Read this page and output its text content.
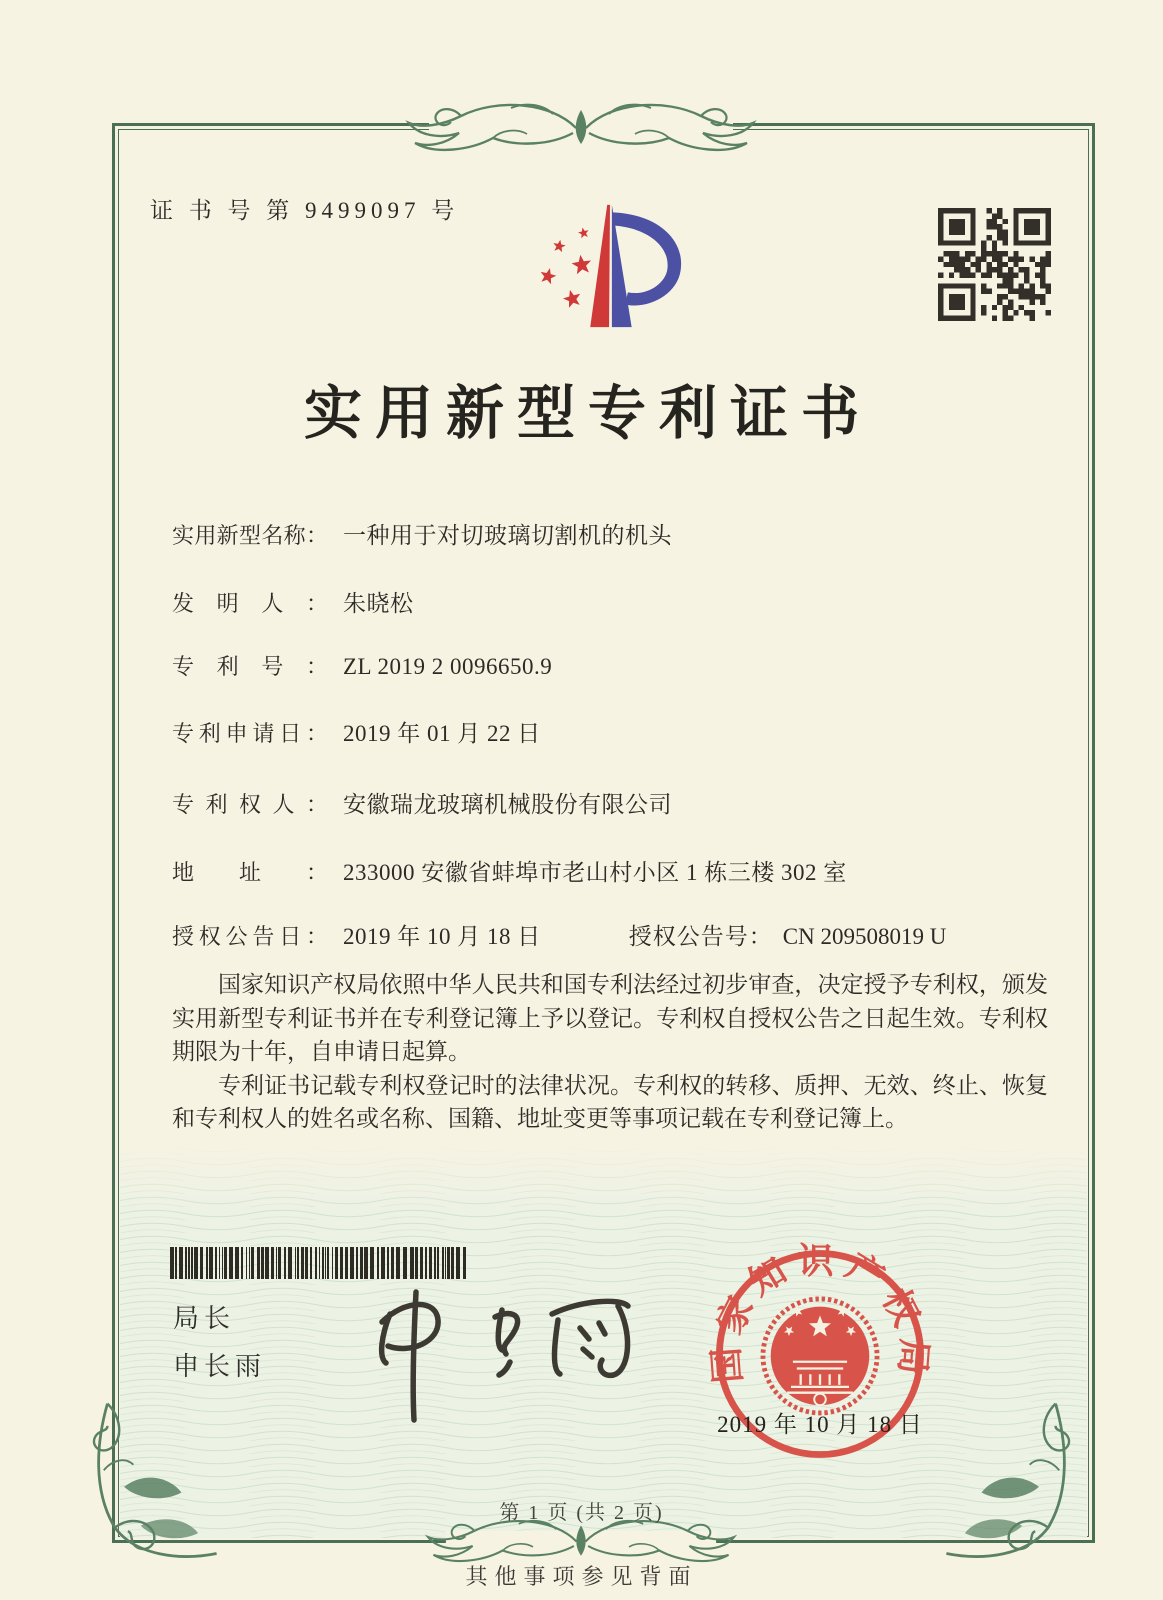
证 书 号 第 9499097 号
实用新型专利证书
实用新型名称： 一种用于对切玻璃切割机的机头
发明人： 朱晓松
专利号： ZL 2019 2 0096650.9
专利申请日： 2019 年 01 月 22 日
专利权人： 安徽瑞龙玻璃机械股份有限公司
地址： 233000 安徽省蚌埠市老山村小区 1 栋三楼 302 室
授权公告日： 2019 年 10 月 18 日	授权公告号： CN 209508019 U

国家知识产权局依照中华人民共和国专利法经过初步审查，决定授予专利权，颁发实用新型专利证书并在专利登记簿上予以登记。专利权自授权公告之日起生效。专利权期限为十年，自申请日起算。

专利证书记载专利权登记时的法律状况。专利权的转移、质押、无效、终止、恢复和专利权人的姓名或名称、国籍、地址变更等事项记载在专利登记簿上。

局长
申长雨	国家知识产权局
2019 年 10 月 18 日
第 1 页 (共 2 页)
其他事项参见背面
